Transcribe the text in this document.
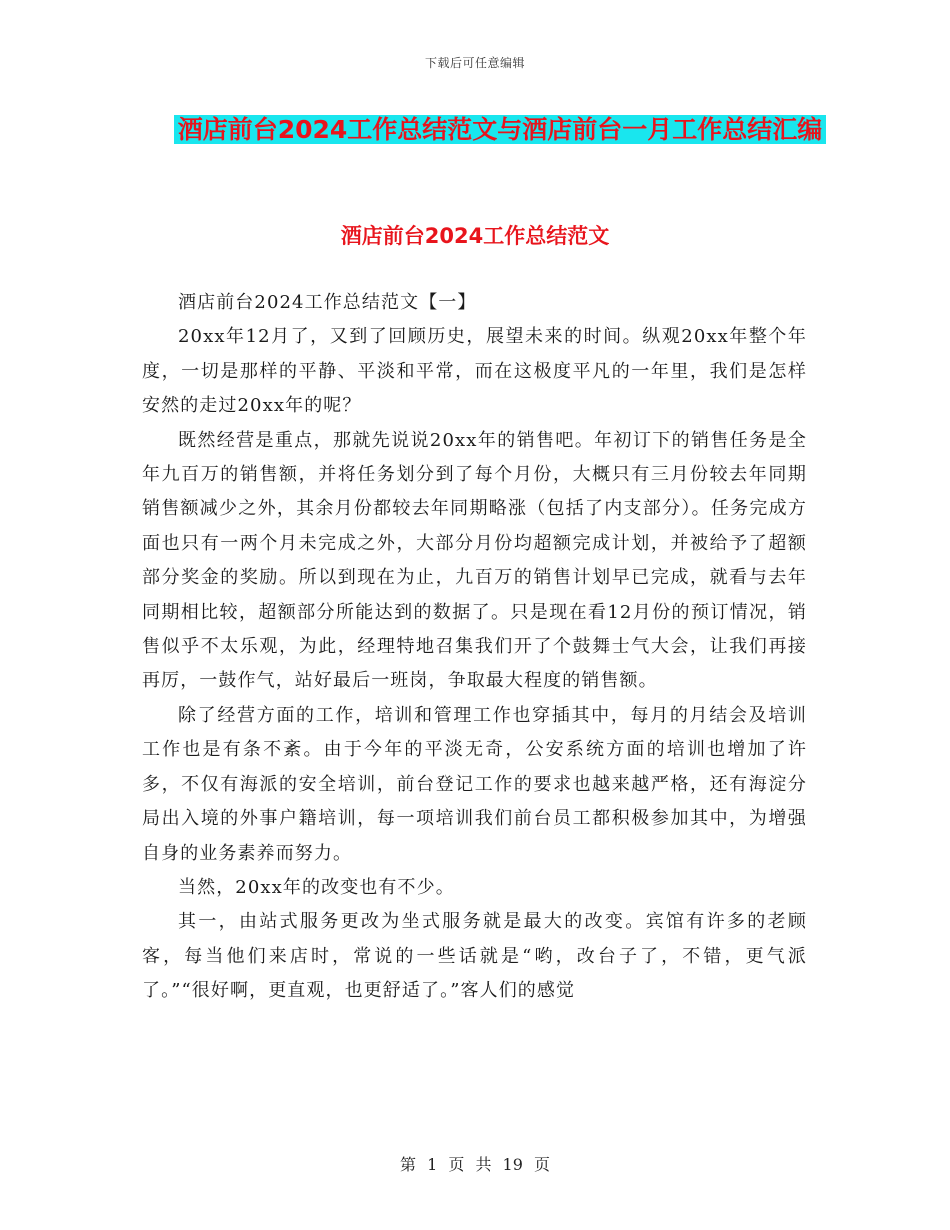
下载后可任意编辑
酒店前台2024工作总结范文与酒店前台一月工作总结汇编
酒店前台2024工作总结范文

酒店前台2024工作总结范文【一】

20xx年12月了，又到了回顾历史，展望未来的时间。纵观20xx年整个年度，一切是那样的平静、平淡和平常，而在这极度平凡的一年里，我们是怎样安然的走过20xx年的呢？

既然经营是重点，那就先说说20xx年的销售吧。年初订下的销售任务是全年九百万的销售额，并将任务划分到了每个月份，大概只有三月份较去年同期销售额减少之外，其余月份都较去年同期略涨（包括了内支部分）。任务完成方面也只有一两个月未完成之外，大部分月份均超额完成计划，并被给予了超额部分奖金的奖励。所以到现在为止，九百万的销售计划早已完成，就看与去年同期相比较，超额部分所能达到的数据了。只是现在看12月份的预订情况，销售似乎不太乐观，为此，经理特地召集我们开了个鼓舞士气大会，让我们再接再厉，一鼓作气，站好最后一班岗，争取最大程度的销售额。

除了经营方面的工作，培训和管理工作也穿插其中，每月的月结会及培训工作也是有条不紊。由于今年的平淡无奇，公安系统方面的培训也增加了许多，不仅有海派的安全培训，前台登记工作的要求也越来越严格，还有海淀分局出入境的外事户籍培训，每一项培训我们前台员工都积极参加其中，为增强自身的业务素养而努力。

当然，20xx年的改变也有不少。

其一，由站式服务更改为坐式服务就是最大的改变。宾馆有许多的老顾客，每当他们来店时，常说的一些话就是“哟，改台子了，不错，更气派了。”“很好啊，更直观，也更舒适了。”客人们的感觉

第 1 页 共 19 页
